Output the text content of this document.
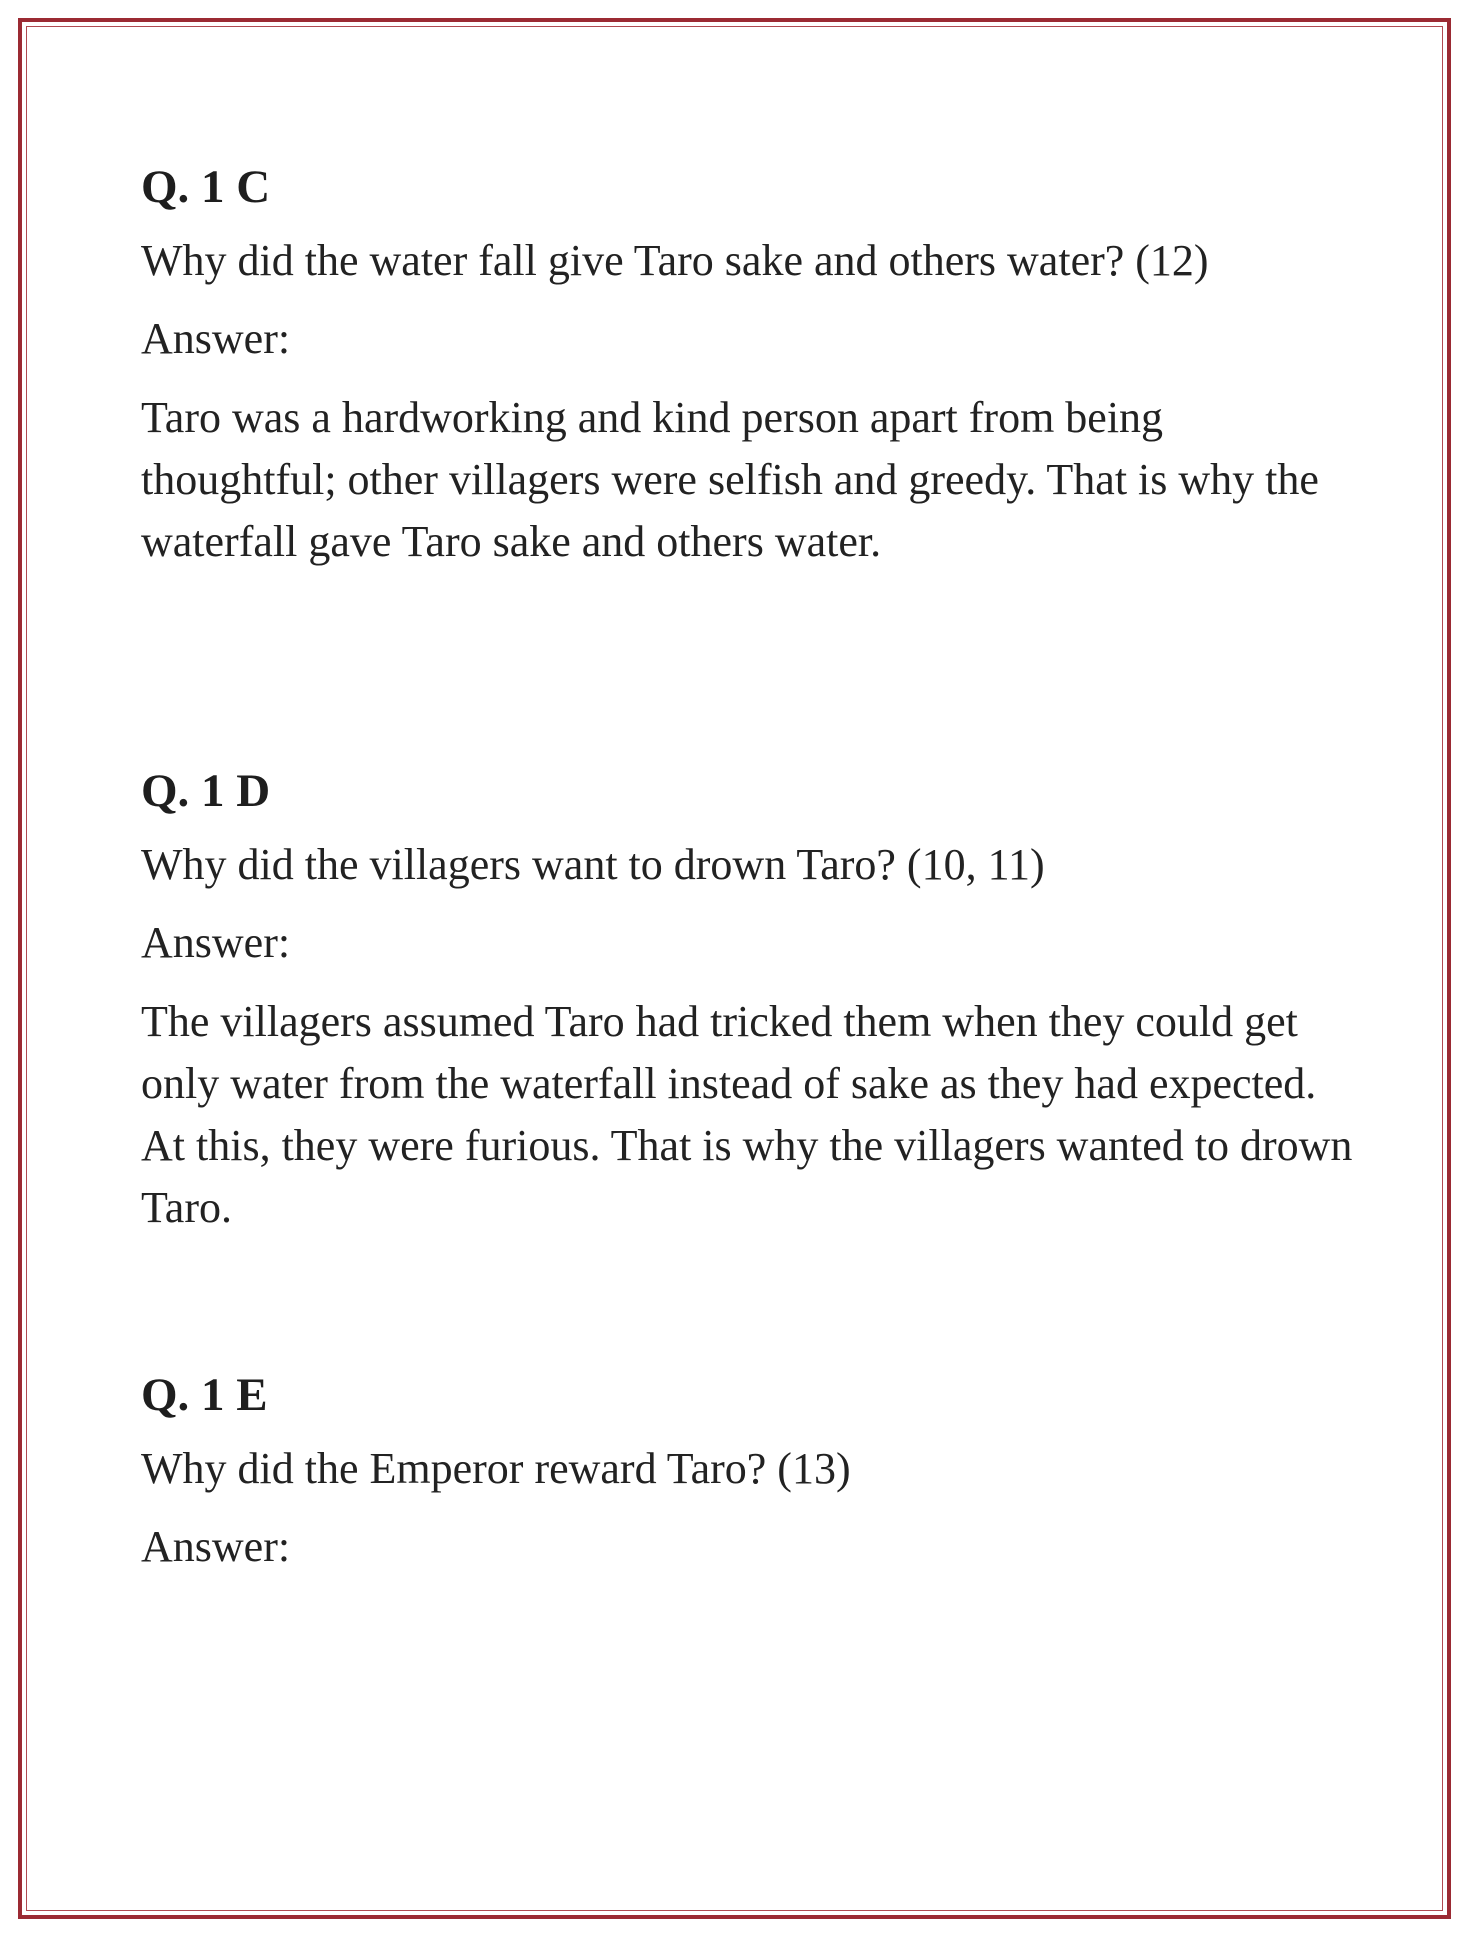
Q. 1 C

Why did the water fall give Taro sake and others water? (12)

Answer:

Taro was a hardworking and kind person apart from being thoughtful; other villagers were selfish and greedy. That is why the waterfall gave Taro sake and others water.

Q. 1 D

Why did the villagers want to drown Taro? (10, 11)

Answer:

The villagers assumed Taro had tricked them when they could get only water from the waterfall instead of sake as they had expected. At this, they were furious. That is why the villagers wanted to drown Taro.

Q. 1 E

Why did the Emperor reward Taro? (13)

Answer:
